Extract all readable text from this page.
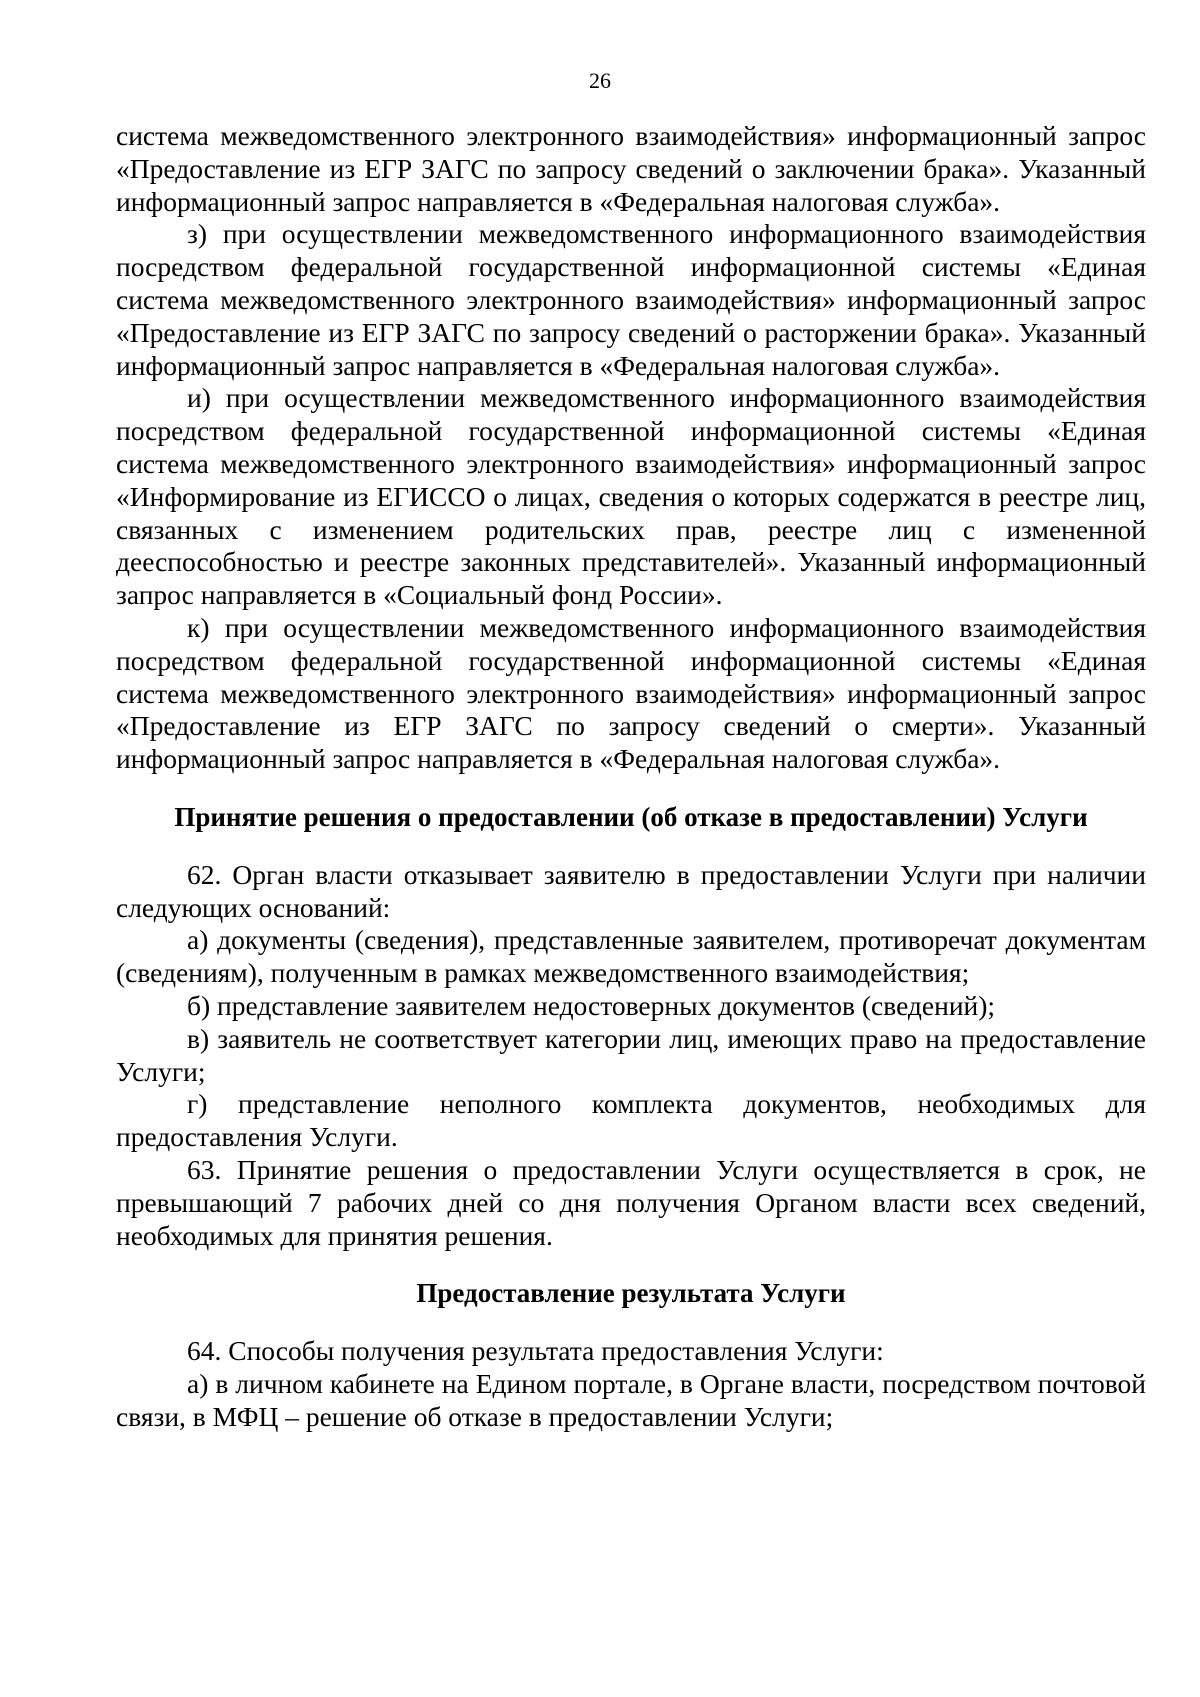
26

система межведомственного электронного взаимодействия» информационный запрос «Предоставление из ЕГР ЗАГС по запросу сведений о заключении брака». Указанный информационный запрос направляется в «Федеральная налоговая служба».

з) при осуществлении межведомственного информационного взаимодействия посредством федеральной государственной информационной системы «Единая система межведомственного электронного взаимодействия» информационный запрос «Предоставление из ЕГР ЗАГС по запросу сведений о расторжении брака». Указанный информационный запрос направляется в «Федеральная налоговая служба».

и) при осуществлении межведомственного информационного взаимодействия посредством федеральной государственной информационной системы «Единая система межведомственного электронного взаимодействия» информационный запрос «Информирование из ЕГИССО о лицах, сведения о которых содержатся в реестре лиц, связанных с изменением родительских прав, реестре лиц с измененной дееспособностью и реестре законных представителей». Указанный информационный запрос направляется в «Социальный фонд России».

к) при осуществлении межведомственного информационного взаимодействия посредством федеральной государственной информационной системы «Единая система межведомственного электронного взаимодействия» информационный запрос «Предоставление из ЕГР ЗАГС по запросу сведений о смерти». Указанный информационный запрос направляется в «Федеральная налоговая служба».

Принятие решения о предоставлении (об отказе в предоставлении) Услуги

62. Орган власти отказывает заявителю в предоставлении Услуги при наличии следующих оснований:

а) документы (сведения), представленные заявителем, противоречат документам (сведениям), полученным в рамках межведомственного взаимодействия;

б) представление заявителем недостоверных документов (сведений);

в) заявитель не соответствует категории лиц, имеющих право на предоставление Услуги;

г) представление неполного комплекта документов, необходимых для предоставления Услуги.

63. Принятие решения о предоставлении Услуги осуществляется в срок, не превышающий 7 рабочих дней со дня получения Органом власти всех сведений, необходимых для принятия решения.

Предоставление результата Услуги

64. Способы получения результата предоставления Услуги:

а) в личном кабинете на Едином портале, в Органе власти, посредством почтовой связи, в МФЦ – решение об отказе в предоставлении Услуги;
